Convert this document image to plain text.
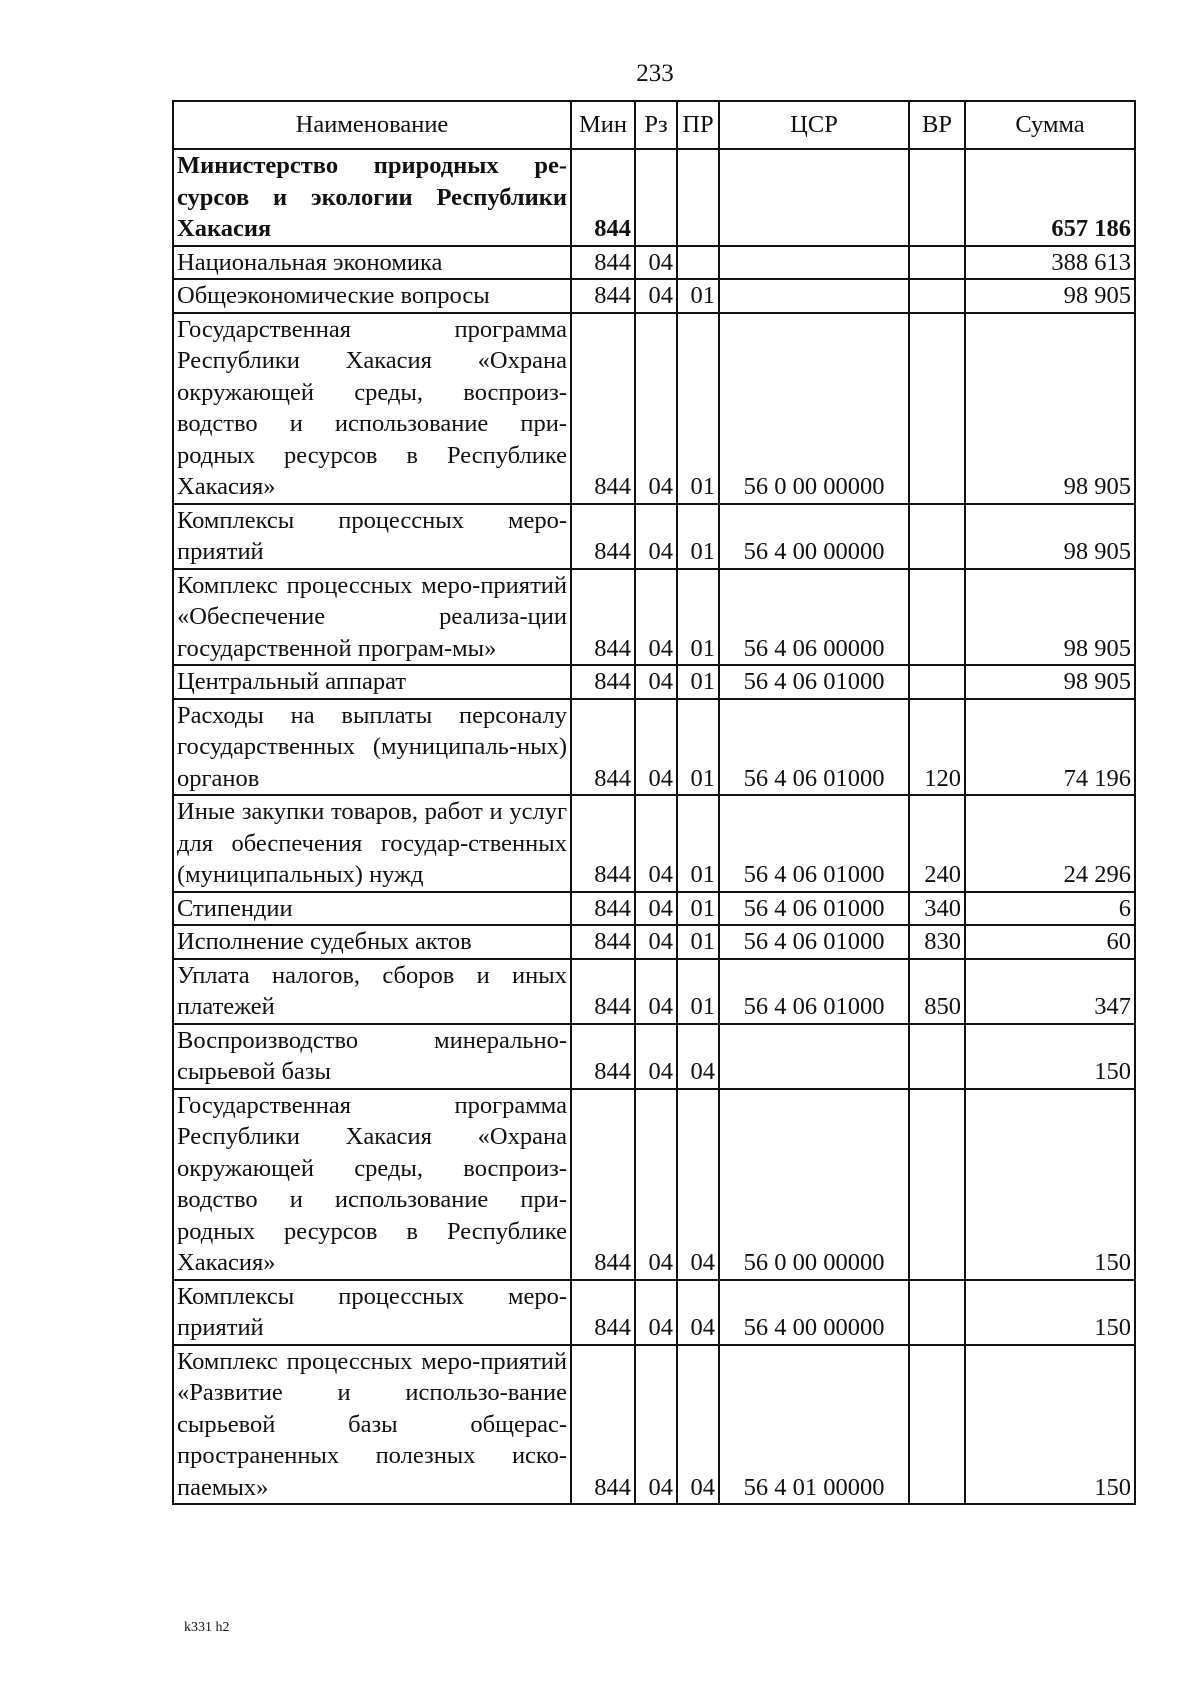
233
Наименование	Мин	Рз	ПР	ЦСР	ВР	Сумма
Министерство природных ре-сурсов и экологии Республики Хакасия	844					657 186
Национальная экономика	844	04				388 613
Общеэкономические вопросы	844	04	01			98 905
Государственная программа Республики Хакасия «Охрана окружающей среды, воспроиз-водство и использование при-родных ресурсов в Республике Хакасия»	844	04	01	56 0 00 00000		98 905
Комплексы процессных меро-приятий	844	04	01	56 4 00 00000		98 905
Комплекс процессных меро-приятий «Обеспечение реализа-ции государственной програм-мы»	844	04	01	56 4 06 00000		98 905
Центральный аппарат	844	04	01	56 4 06 01000		98 905
Расходы на выплаты персоналу государственных (муниципаль-ных) органов	844	04	01	56 4 06 01000	120	74 196
Иные закупки товаров, работ и услуг для обеспечения государ-ственных (муниципальных) нужд	844	04	01	56 4 06 01000	240	24 296
Стипендии	844	04	01	56 4 06 01000	340	6
Исполнение судебных актов	844	04	01	56 4 06 01000	830	60
Уплата налогов, сборов и иных платежей	844	04	01	56 4 06 01000	850	347
Воспроизводство минерально-сырьевой базы	844	04	04			150
Государственная программа Республики Хакасия «Охрана окружающей среды, воспроиз-водство и использование при-родных ресурсов в Республике Хакасия»	844	04	04	56 0 00 00000		150
Комплексы процессных меро-приятий	844	04	04	56 4 00 00000		150
Комплекс процессных меро-приятий «Развитие и использо-вание сырьевой базы общерас-пространенных полезных иско-паемых»	844	04	04	56 4 01 00000		150
k331 h2
